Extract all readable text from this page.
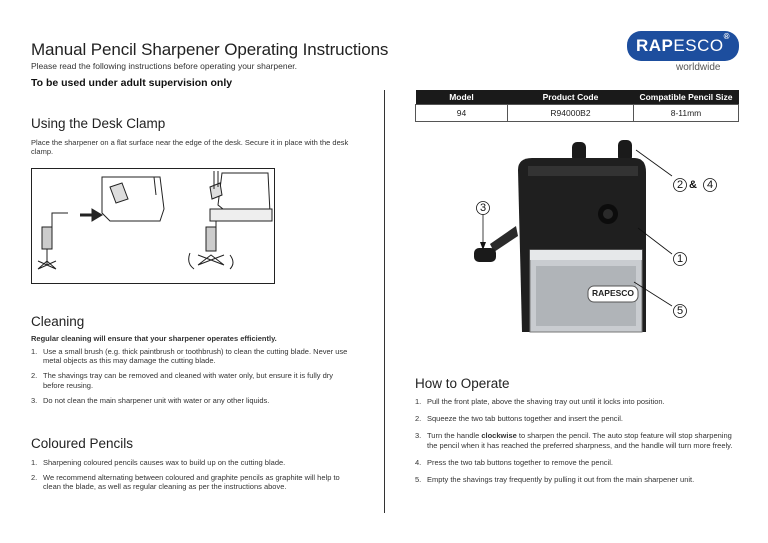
Manual Pencil Sharpener Operating Instructions
Please read the following instructions before operating your sharpener.
To be used under adult supervision only
RAPESCO®
worldwide
Using the Desk Clamp
Place the sharpener on a flat surface near the edge of the desk. Secure it in place with the desk clamp.
Cleaning
Regular cleaning will ensure that your sharpener operates efficiently.
1. Use a small brush (e.g. thick paintbrush or toothbrush) to clean the cutting blade. Never use metal objects as this may damage the cutting blade.
2. The shavings tray can be removed and cleaned with water only, but ensure it is fully dry before reusing.
3. Do not clean the main sharpener unit with water or any other liquids.
Coloured Pencils
1. Sharpening coloured pencils causes wax to build up on the cutting blade.
2. We recommend alternating between coloured and graphite pencils as graphite will help to clean the blade, as well as regular cleaning as per the instructions above.
Model	Product Code	Compatible Pencil Size
94	R94000B2	8-11mm
RAPESCO
2 & 4
3
1
5
How to Operate
1. Pull the front plate, above the shaving tray out until it locks into position.
2. Squeeze the two tab buttons together and insert the pencil.
3. Turn the handle clockwise to sharpen the pencil. The auto stop feature will stop sharpening the pencil when it has reached the preferred sharpness, and the handle will turn more freely.
4. Press the two tab buttons together to remove the pencil.
5. Empty the shavings tray frequently by pulling it out from the main sharpener unit.
